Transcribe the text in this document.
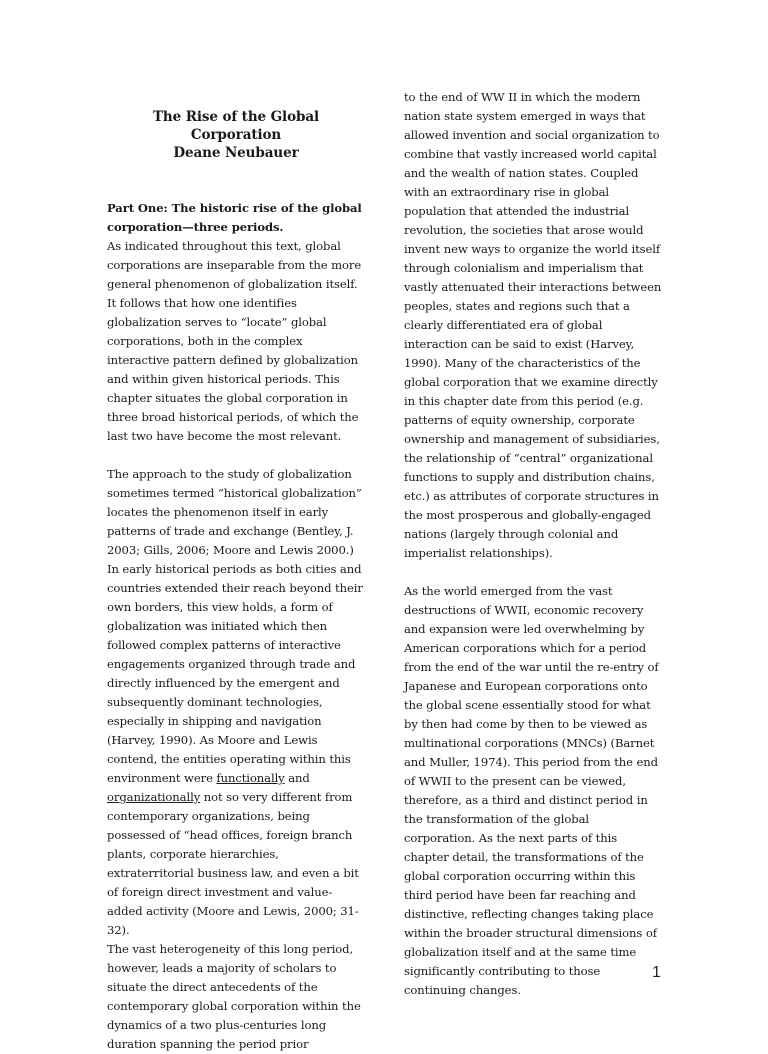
The Rise of the Global Corporation
Deane Neubauer

Part One: The historic rise of the global corporation—three periods.

As indicated throughout this text, global corporations are inseparable from the more general phenomenon of globalization itself. It follows that how one identifies globalization serves to “locate” global corporations, both in the complex interactive pattern defined by globalization and within given historical periods. This chapter situates the global corporation in three broad historical periods, of which the last two have become the most relevant.

The approach to the study of globalization sometimes termed “historical globalization” locates the phenomenon itself in early patterns of trade and exchange (Bentley, J. 2003; Gills, 2006; Moore and Lewis 2000.) In early historical periods as both cities and countries extended their reach beyond their own borders, this view holds, a form of globalization was initiated which then followed complex patterns of interactive engagements organized through trade and directly influenced by the emergent and subsequently dominant technologies, especially in shipping and navigation (Harvey, 1990). As Moore and Lewis contend, the entities operating within this environment were functionally and organizationally not so very different from contemporary organizations, being possessed of “head offices, foreign branch plants, corporate hierarchies, extraterritorial business law, and even a bit of foreign direct investment and value-added activity (Moore and Lewis, 2000; 31-32).

The vast heterogeneity of this long period, however, leads a majority of scholars to situate the direct antecedents of the contemporary global corporation within the dynamics of a two plus-centuries long duration spanning the period prior

to the end of WW II in which the modern nation state system emerged in ways that allowed invention and social organization to combine that vastly increased world capital and the wealth of nation states. Coupled with an extraordinary rise in global population that attended the industrial revolution, the societies that arose would invent new ways to organize the world itself through colonialism and imperialism that vastly attenuated their interactions between peoples, states and regions such that a clearly differentiated era of global interaction can be said to exist (Harvey, 1990). Many of the characteristics of the global corporation that we examine directly in this chapter date from this period (e.g. patterns of equity ownership, corporate ownership and management of subsidiaries, the relationship of “central” organizational functions to supply and distribution chains, etc.) as attributes of corporate structures in the most prosperous and globally-engaged nations (largely through colonial and imperialist relationships).

As the world emerged from the vast destructions of WWII, economic recovery and expansion were led overwhelming by American corporations which for a period from the end of the war until the re-entry of Japanese and European corporations onto the global scene essentially stood for what by then had come by then to be viewed as multinational corporations (MNCs) (Barnet and Muller, 1974). This period from the end of WWII to the present can be viewed, therefore, as a third and distinct period in the transformation of the global corporation. As the next parts of this chapter detail, the transformations of the global corporation occurring within this third period have been far reaching and distinctive, reflecting changes taking place within the broader structural dimensions of globalization itself and at the same time significantly contributing to those continuing changes.

1
